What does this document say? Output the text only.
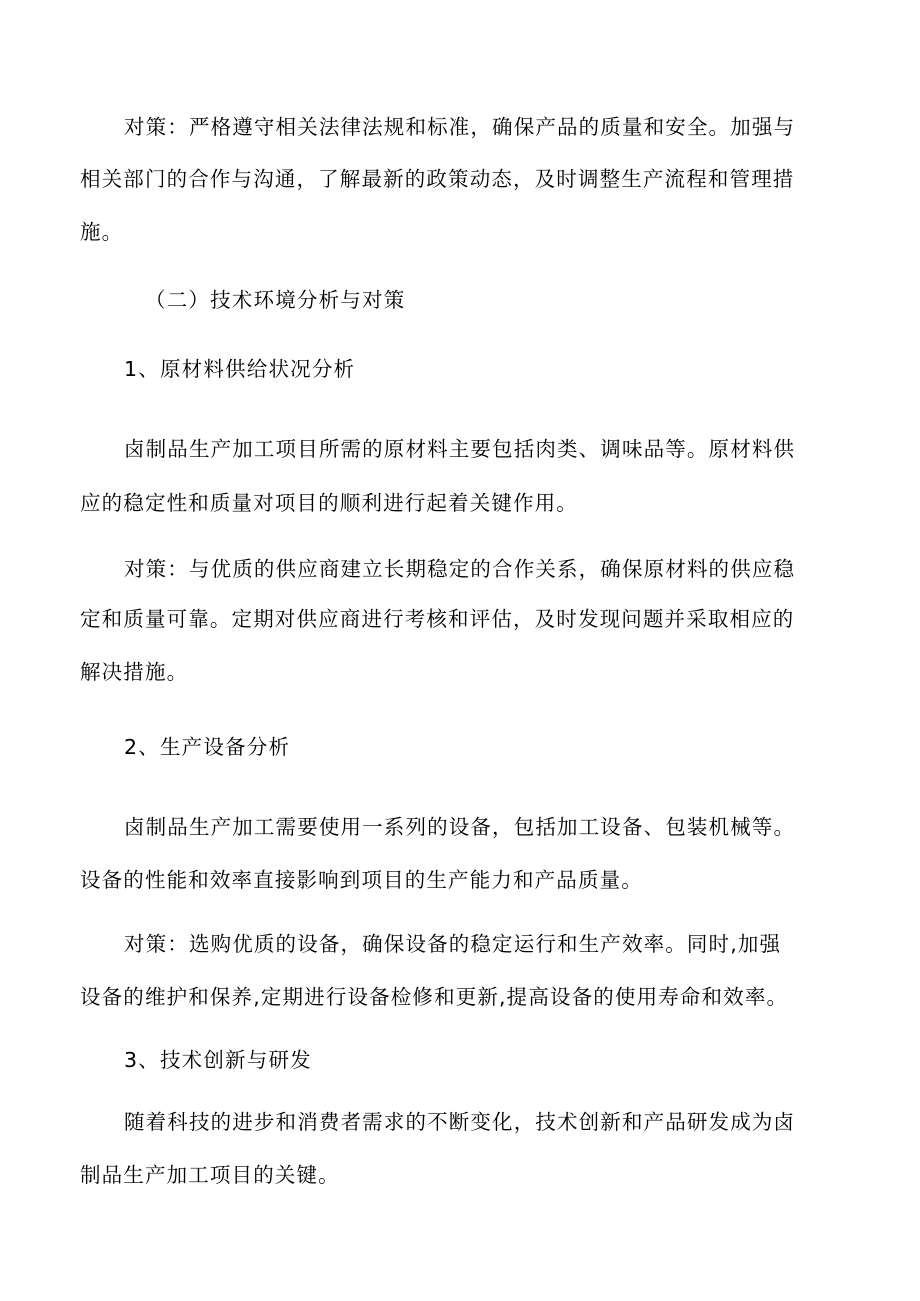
对策：严格遵守相关法律法规和标准，确保产品的质量和安全。加强与
相关部门的合作与沟通，了解最新的政策动态，及时调整生产流程和管理措
施。
（二）技术环境分析与对策
1、原材料供给状况分析
卤制品生产加工项目所需的原材料主要包括肉类、调味品等。原材料供
应的稳定性和质量对项目的顺利进行起着关键作用。
对策：与优质的供应商建立长期稳定的合作关系，确保原材料的供应稳
定和质量可靠。定期对供应商进行考核和评估，及时发现问题并采取相应的
解决措施。
2、生产设备分析
卤制品生产加工需要使用一系列的设备，包括加工设备、包装机械等。
设备的性能和效率直接影响到项目的生产能力和产品质量。
对策：选购优质的设备，确保设备的稳定运行和生产效率。同时,加强
设备的维护和保养,定期进行设备检修和更新,提高设备的使用寿命和效率。
3、技术创新与研发
随着科技的进步和消费者需求的不断变化，技术创新和产品研发成为卤
制品生产加工项目的关键。
